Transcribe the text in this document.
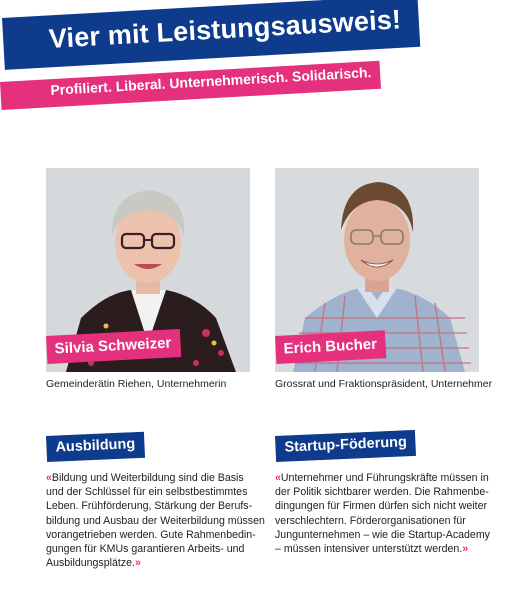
Vier mit Leistungsausweis!
Profiliert. Liberal. Unternehmerisch. Solidarisch.
Silvia Schweizer	Erich Bucher
Gemeinderätin Riehen, Unternehmerin	Grossrat und Fraktionspräsident, Unternehmer
Ausbildung	Startup-Föderung
«Bildung und Weiterbildung sind die Basis
und der Schlüssel für ein selbstbestimmtes
Leben. Frühförderung, Stärkung der Berufs-
bildung und Ausbau der Weiterbildung müssen
vorangetrieben werden. Gute Rahmenbedin-
gungen für KMUs garantieren Arbeits- und
Ausbildungsplätze.»
«Unternehmer und Führungskräfte müssen in
der Politik sichtbarer werden. Die Rahmenbe-
dingungen für Firmen dürfen sich nicht weiter
verschlechtern. Förderorganisationen für
Jungunternehmen – wie die Startup-Academy
– müssen intensiver unterstützt werden.»
